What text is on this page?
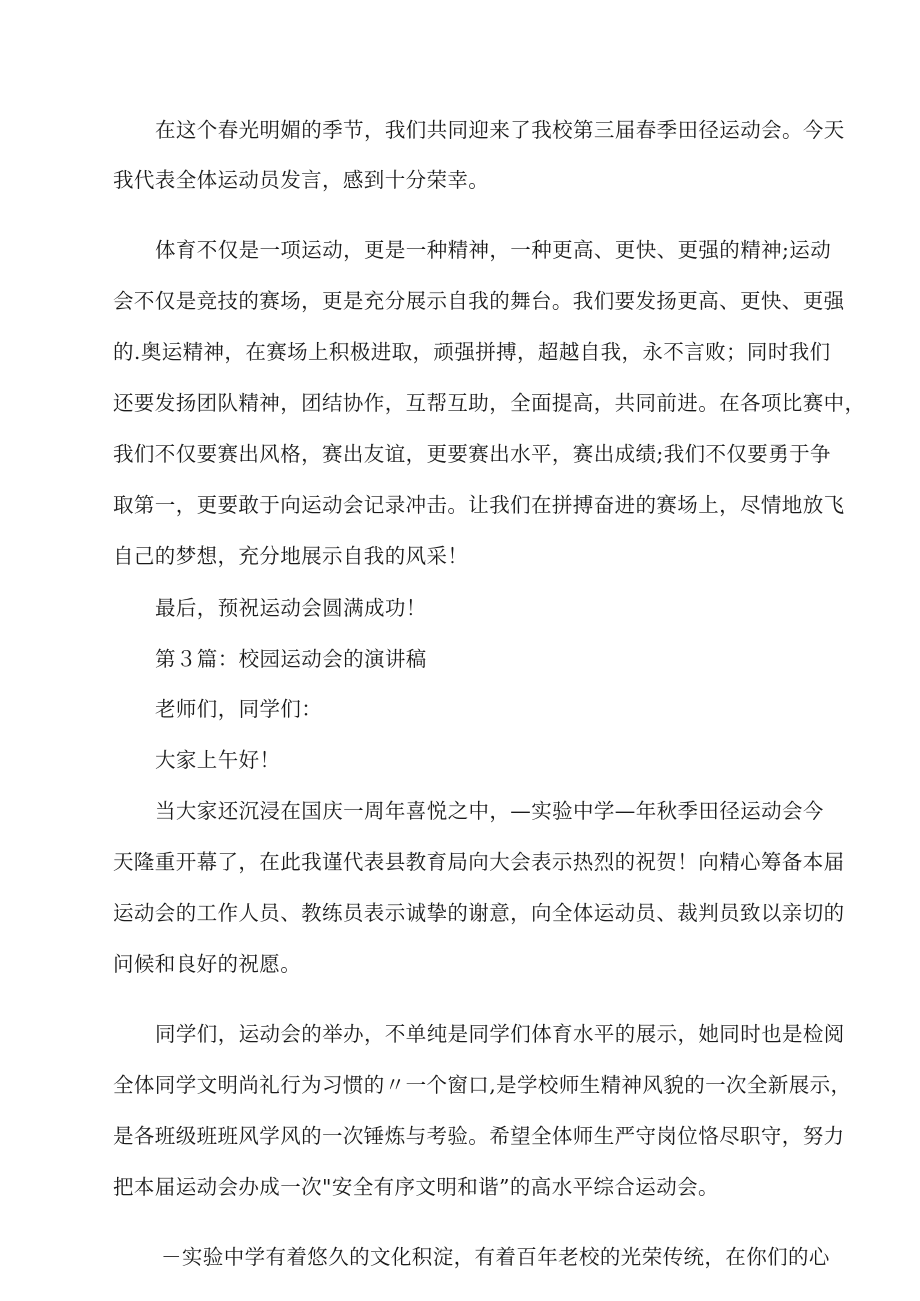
在这个春光明媚的季节，我们共同迎来了我校第三届春季田径运动会。今天
我代表全体运动员发言，感到十分荣幸。
体育不仅是一项运动，更是一种精神，一种更高、更快、更强的精神;运动
会不仅是竞技的赛场，更是充分展示自我的舞台。我们要发扬更高、更快、更强
的.奥运精神，在赛场上积极进取，顽强拼搏，超越自我，永不言败；同时我们
还要发扬团队精神，团结协作，互帮互助，全面提高，共同前进。在各项比赛中，
我们不仅要赛出风格，赛出友谊，更要赛出水平，赛出成绩;我们不仅要勇于争
取第一，更要敢于向运动会记录冲击。让我们在拼搏奋进的赛场上，尽情地放飞
自己的梦想，充分地展示自我的风采！
最后，预祝运动会圆满成功！
第３篇：校园运动会的演讲稿
老师们，同学们：
大家上午好！
当大家还沉浸在国庆一周年喜悦之中，—实验中学—年秋季田径运动会今
天隆重开幕了，在此我谨代表县教育局向大会表示热烈的祝贺！向精心筹备本届
运动会的工作人员、教练员表示诚挚的谢意，向全体运动员、裁判员致以亲切的
问候和良好的祝愿。
同学们，运动会的举办，不单纯是同学们体育水平的展示，她同时也是检阅
全体同学文明尚礼行为习惯的〃一个窗口,是学校师生精神风貌的一次全新展示，
是各班级班班风学风的一次锤炼与考验。希望全体师生严守岗位恪尽职守，努力
把本届运动会办成一次"安全有序文明和谐”的高水平综合运动会。
－实验中学有着悠久的文化积淀，有着百年老校的光荣传统，在你们的心
